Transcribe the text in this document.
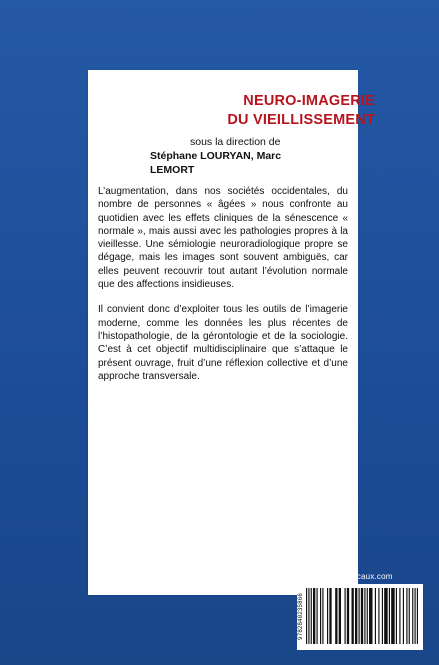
NEURO-IMAGERIE
DU VIEILLISSEMENT
sous la direction de
Stéphane LOURYAN, Marc LEMORT

L’augmentation, dans nos sociétés occidentales, du nombre de personnes « âgées » nous confronte au quotidien avec les effets cliniques de la sénescence « normale », mais aussi avec les pathologies propres à la vieillesse. Une sémiologie neuroradiologique propre se dégage, mais les images sont souvent ambiguës, car elles peuvent recouvrir tout autant l’évolution normale que des affections insidieuses.

Il convient donc d’exploiter tous les outils de l’imagerie moderne, comme les données les plus récentes de l’histopathologie, de la gérontologie et de la sociologie. C’est à cet objectif multidisciplinaire que s’attaque le présent ouvrage, fruit d’une réflexion collective et d’une approche transversale.

www.livres-medicaux.com
9782840235866
